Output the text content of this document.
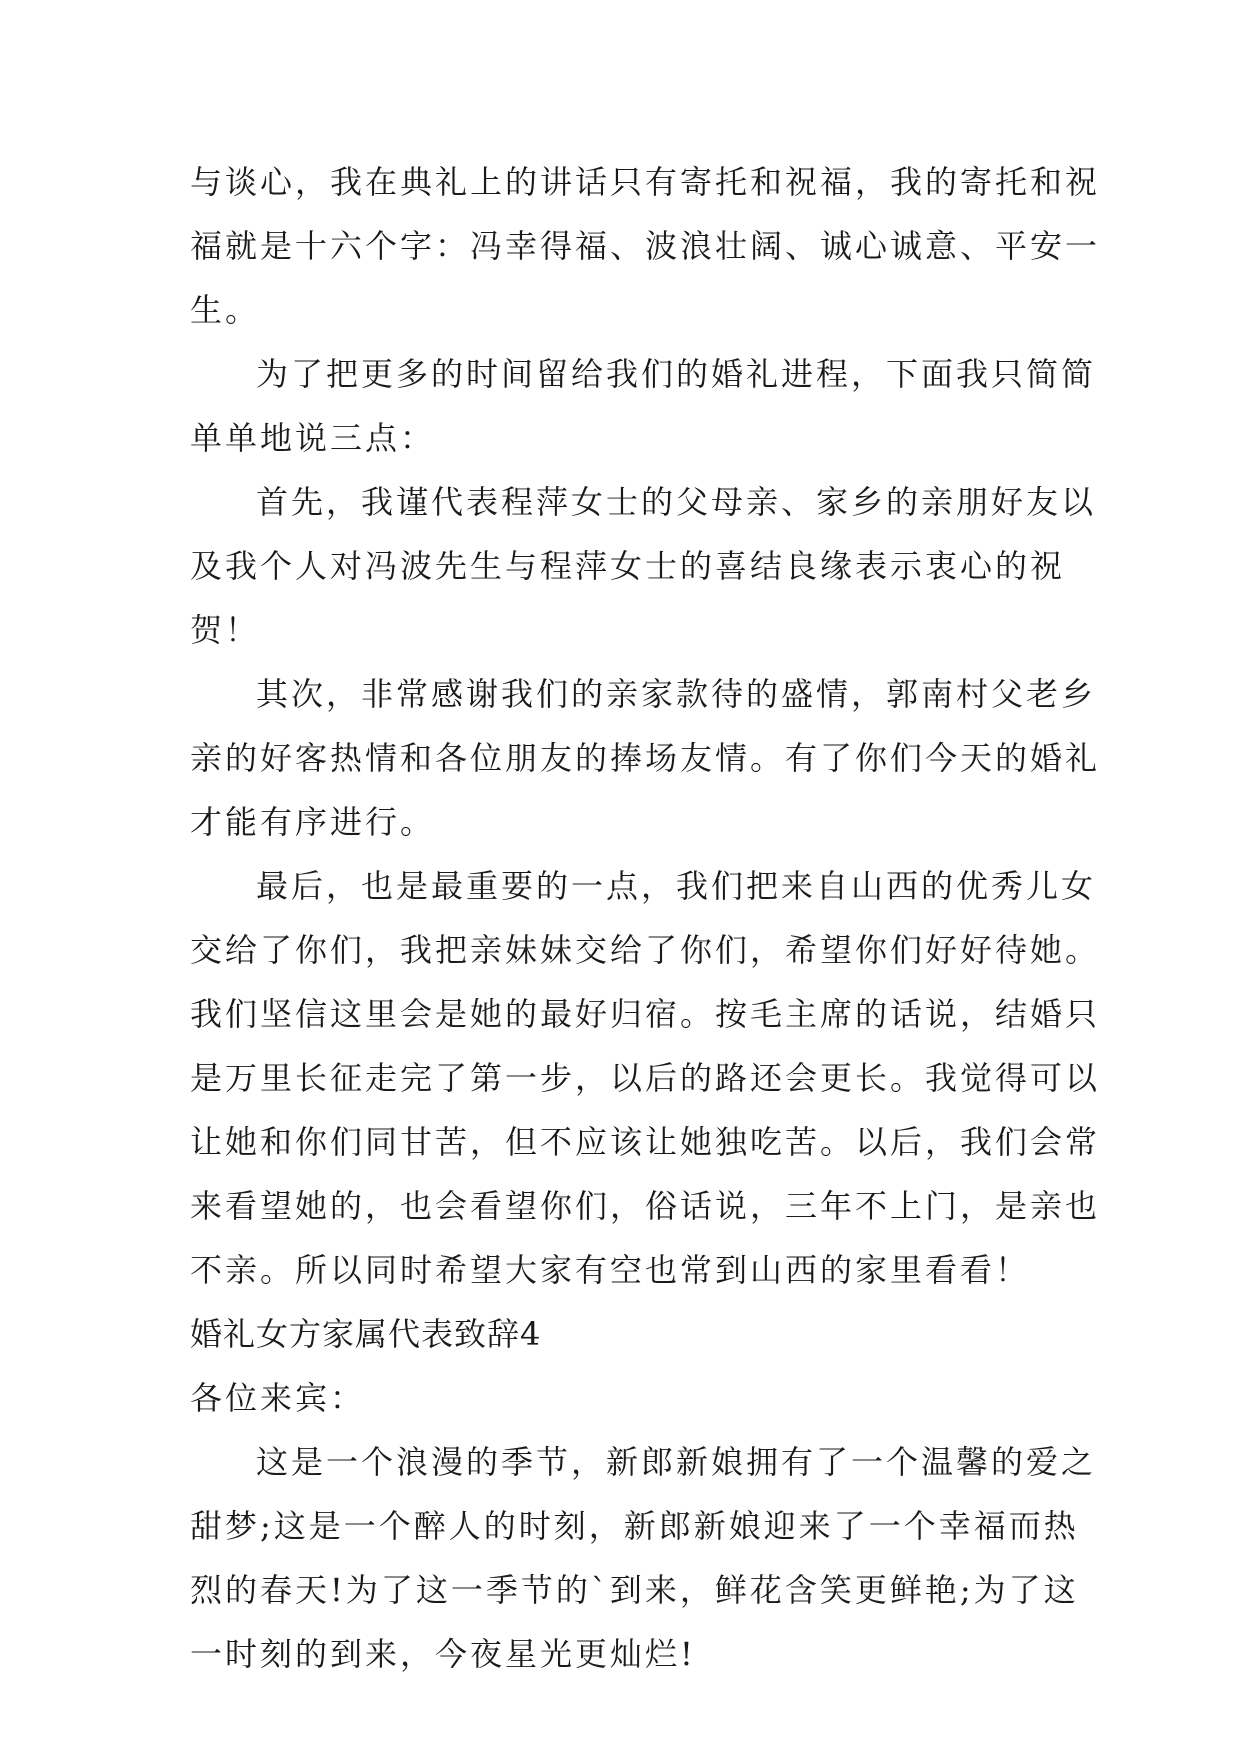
与谈心，我在典礼上的讲话只有寄托和祝福，我的寄托和祝
福就是十六个字：冯幸得福、波浪壮阔、诚心诚意、平安一
生。
为了把更多的时间留给我们的婚礼进程，下面我只简简
单单地说三点：
首先，我谨代表程萍女士的父母亲、家乡的亲朋好友以
及我个人对冯波先生与程萍女士的喜结良缘表示衷心的祝
贺！
其次，非常感谢我们的亲家款待的盛情，郭南村父老乡
亲的好客热情和各位朋友的捧场友情。有了你们今天的婚礼
才能有序进行。
最后，也是最重要的一点，我们把来自山西的优秀儿女
交给了你们，我把亲妹妹交给了你们，希望你们好好待她。
我们坚信这里会是她的最好归宿。按毛主席的话说，结婚只
是万里长征走完了第一步，以后的路还会更长。我觉得可以
让她和你们同甘苦，但不应该让她独吃苦。以后，我们会常
来看望她的，也会看望你们，俗话说，三年不上门，是亲也
不亲。所以同时希望大家有空也常到山西的家里看看！
婚礼女方家属代表致辞4
各位来宾：
这是一个浪漫的季节，新郎新娘拥有了一个温馨的爱之
甜梦;这是一个醉人的时刻，新郎新娘迎来了一个幸福而热
烈的春天!为了这一季节的`到来，鲜花含笑更鲜艳;为了这
一时刻的到来，今夜星光更灿烂!
